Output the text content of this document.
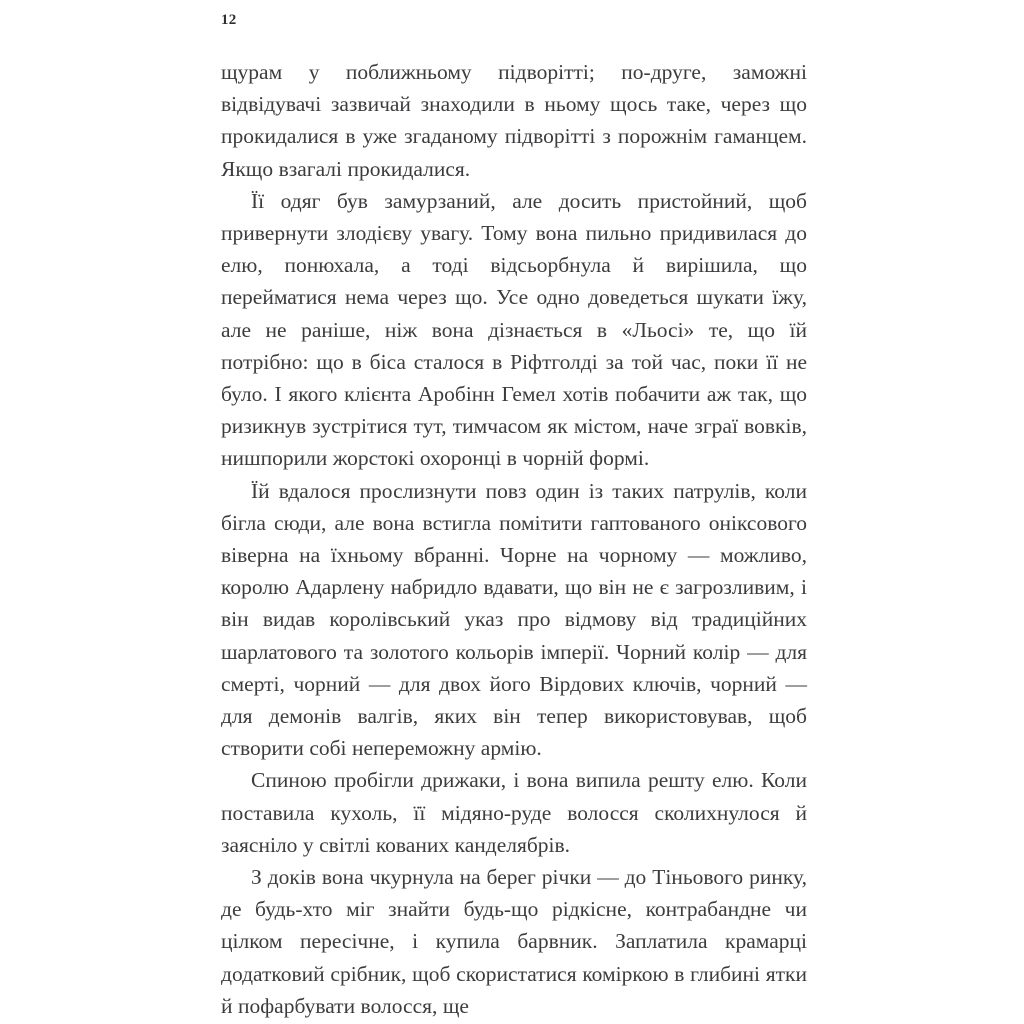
12

щурам у поближньому підворітті; по-друге, заможні відвідувачі зазвичай знаходили в ньому щось таке, через що прокидалися в уже згаданому підворітті з порожнім гаманцем. Якщо взагалі прокидалися.

Її одяг був замурзаний, але досить пристойний, щоб привернути злодієву увагу. Тому вона пильно придивилася до елю, понюхала, а тоді відсьорбнула й вирішила, що перейматися нема через що. Усе одно доведеться шукати їжу, але не раніше, ніж вона дізнається в «Льосі» те, що їй потрібно: що в біса сталося в Ріфтголді за той час, поки її не було. І якого клієнта Аробінн Гемел хотів побачити аж так, що ризикнув зустрітися тут, тимчасом як містом, наче зграї вовків, нишпорили жорстокі охоронці в чорній формі.

Їй вдалося прослизнути повз один із таких патрулів, коли бігла сюди, але вона встигла помітити гаптованого оніксового віверна на їхньому вбранні. Чорне на чорному — можливо, королю Адарлену набридло вдавати, що він не є загрозливим, і він видав королівський указ про відмову від традиційних шарлатового та золотого кольорів імперії. Чорний колір — для смерті, чорний — для двох його Вірдових ключів, чорний — для демонів валгів, яких він тепер використовував, щоб створити собі непереможну армію.

Спиною пробігли дрижаки, і вона випила решту елю. Коли поставила кухоль, її мідяно-руде волосся сколихнулося й заясніло у світлі кованих канделябрів.

З доків вона чкурнула на берег річки — до Тіньового ринку, де будь-хто міг знайти будь-що рідкісне, контрабандне чи цілком пересічне, і купила барвник. Заплатила крамарці додатковий срібник, щоб скористатися коміркою в глибині ятки й пофарбувати волосся, ще
